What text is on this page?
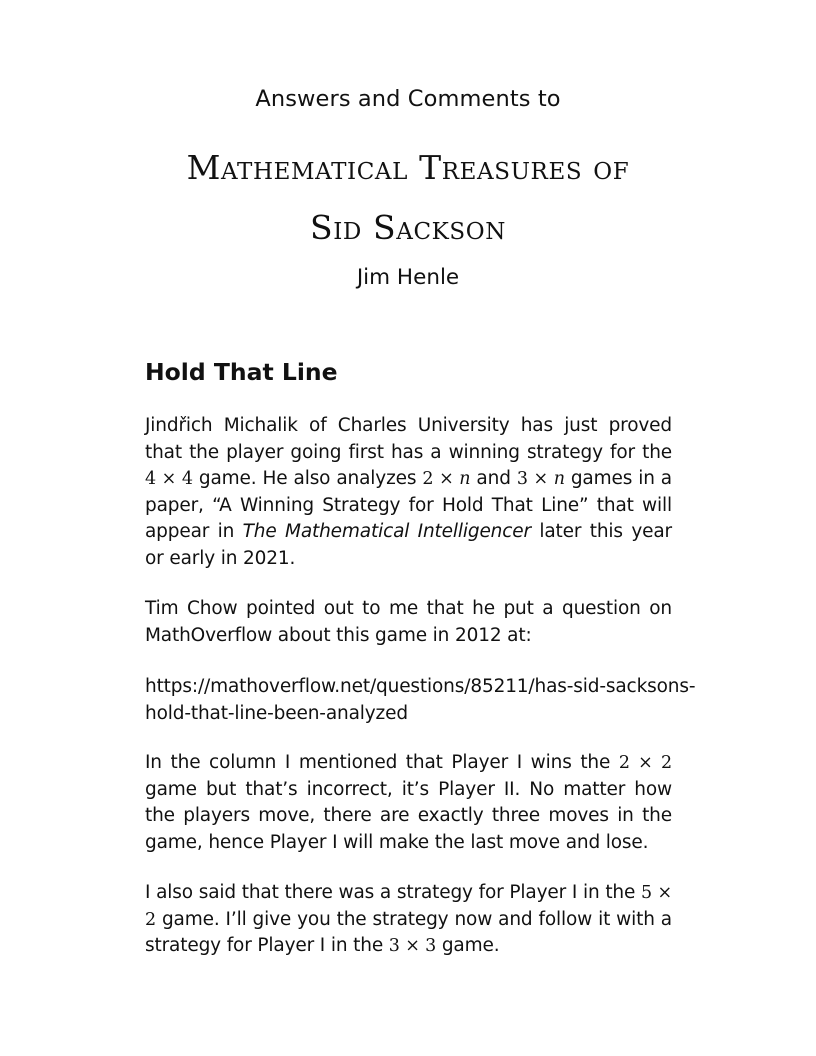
Answers and Comments to
Mathematical Treasures of
Sid Sackson
Jim Henle
Hold That Line

Jindřich Michalik of Charles University has just proved that the player going first has a winning strategy for the 4 × 4 game. He also analyzes 2 × n and 3 × n games in a paper, “A Winning Strategy for Hold That Line” that will appear in The Mathematical Intelligencer later this year or early in 2021.

Tim Chow pointed out to me that he put a question on MathOverflow about this game in 2012 at:

https://mathoverflow.net/questions/85211/has-sid-sacksons-hold-that-line-been-analyzed

In the column I mentioned that Player I wins the 2 × 2 game but that’s incorrect, it’s Player II. No matter how the players move, there are exactly three moves in the game, hence Player I will make the last move and lose.

I also said that there was a strategy for Player I in the 5 × 2 game. I’ll give you the strategy now and follow it with a strategy for Player I in the 3 × 3 game.
